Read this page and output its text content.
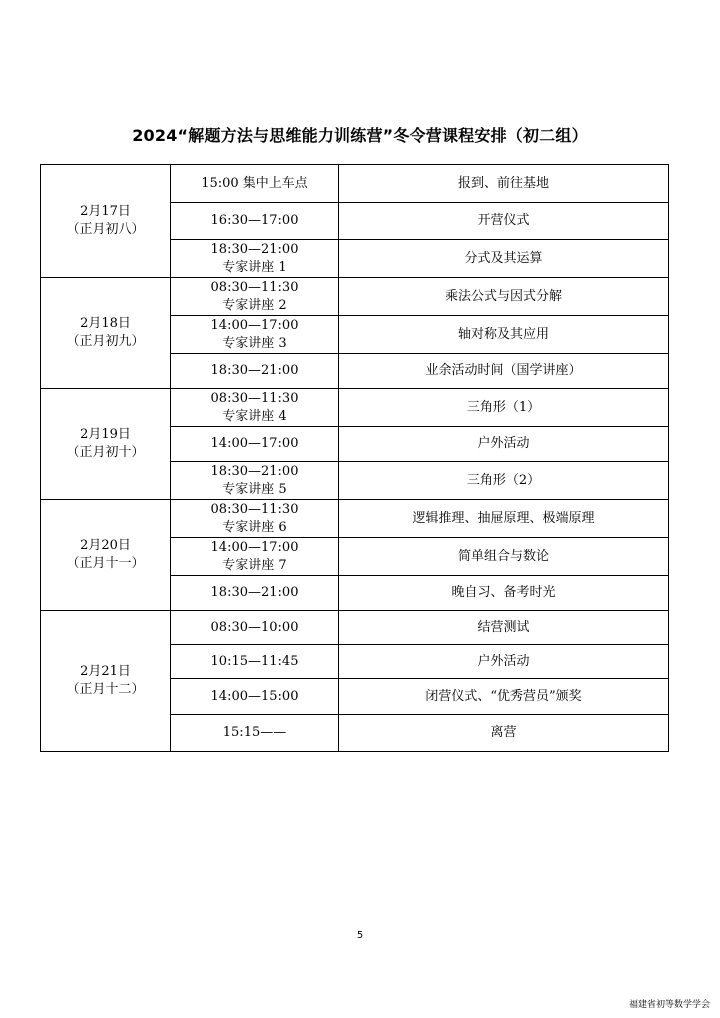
2024“解题方法与思维能力训练营”冬令营课程安排（初二组）
2月17日
（正月初八）	15:00 集中上车点	报到、前往基地

	16:30—17:00	开营仪式

	18:30—21:00
专家讲座 1	分式及其运算

2月18日
（正月初九）	08:30—11:30
专家讲座 2	乘法公式与因式分解

	14:00—17:00
专家讲座 3	轴对称及其应用

	18:30—21:00	业余活动时间（国学讲座）

2月19日
（正月初十）	08:30—11:30
专家讲座 4	三角形（1）

	14:00—17:00	户外活动

	18:30—21:00
专家讲座 5	三角形（2）

2月20日
（正月十一）	08:30—11:30
专家讲座 6	逻辑推理、抽屉原理、极端原理

	14:00—17:00
专家讲座 7	简单组合与数论

	18:30—21:00	晚自习、备考时光

2月21日
（正月十二）	08:30—10:00	结营测试

	10:15—11:45	户外活动

	14:00—15:00	闭营仪式、“优秀营员”颁奖

	15:15——	离营
5
福建省初等数学学会
